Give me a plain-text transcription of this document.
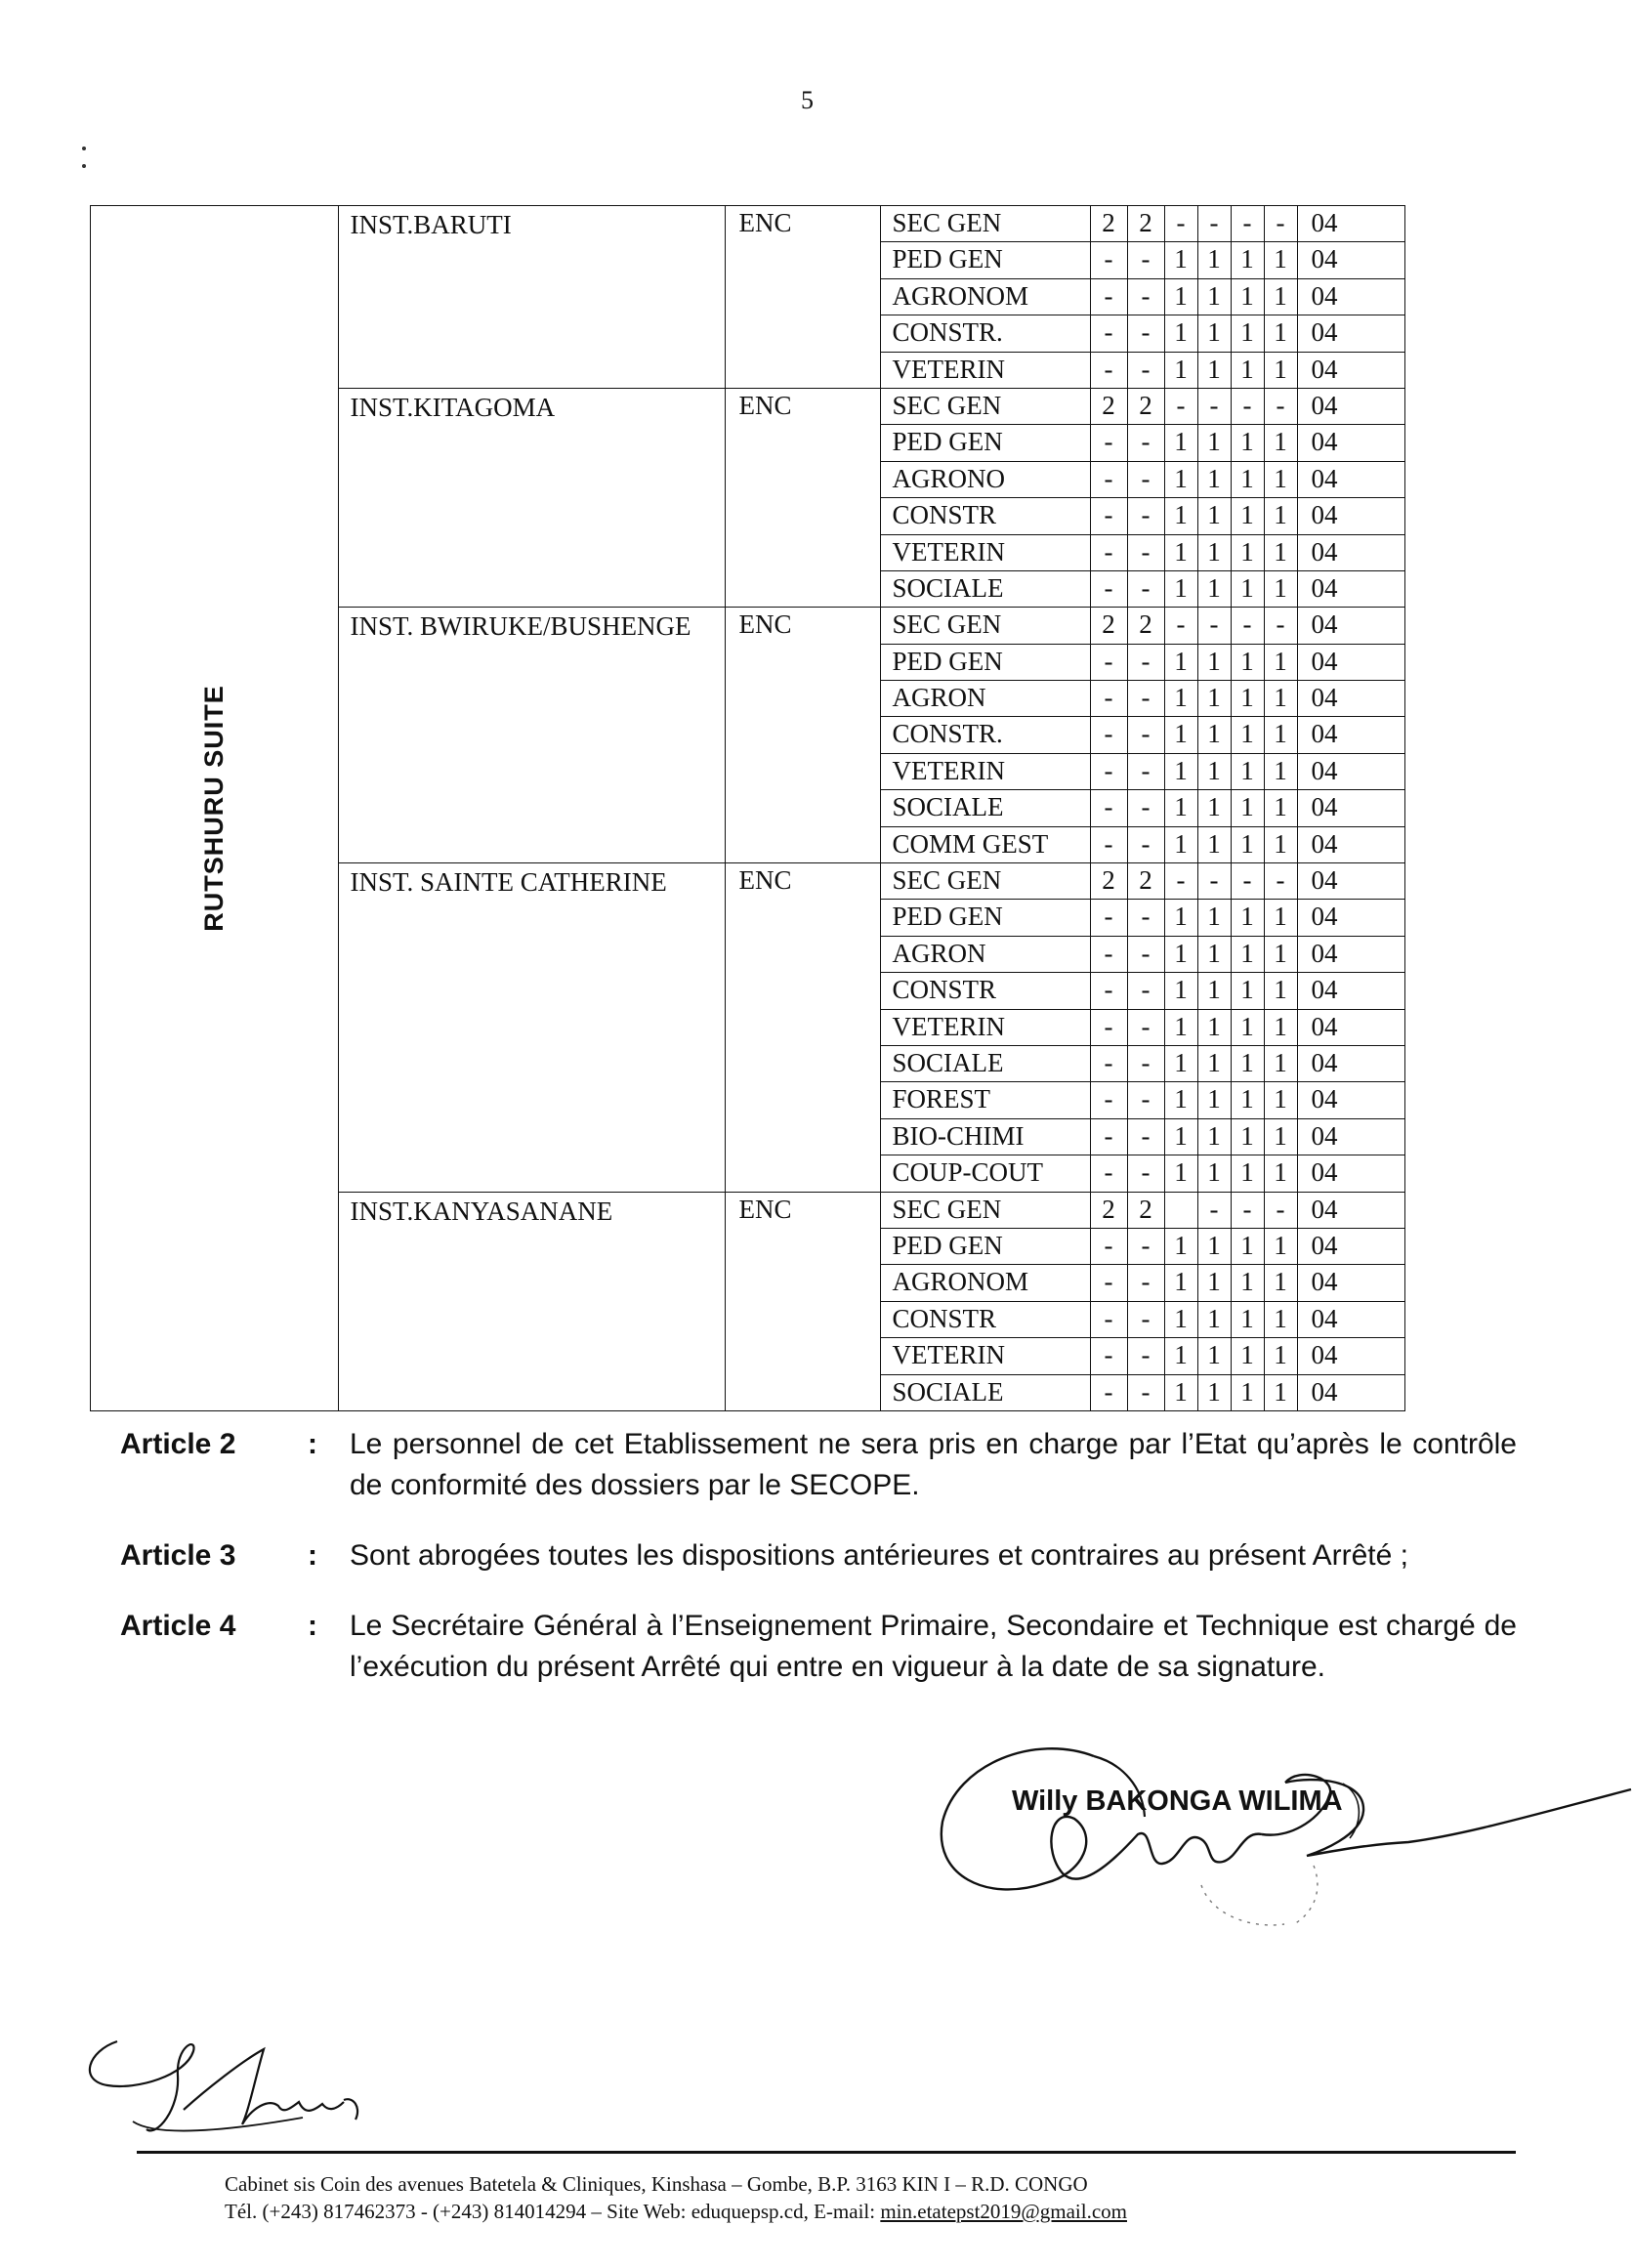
5
RUTSHURU SUITE	INST.BARUTI	ENC	SEC GEN	2	2	-	-	-	-	04
			PED GEN	-	-	1	1	1	1	04
			AGRONOM	-	-	1	1	1	1	04
			CONSTR.	-	-	1	1	1	1	04
			VETERIN	-	-	1	1	1	1	04
	INST.KITAGOMA	ENC	SEC GEN	2	2	-	-	-	-	04
			PED GEN	-	-	1	1	1	1	04
			AGRONO	-	-	1	1	1	1	04
			CONSTR	-	-	1	1	1	1	04
			VETERIN	-	-	1	1	1	1	04
			SOCIALE	-	-	1	1	1	1	04
	INST. BWIRUKE/BUSHENGE	ENC	SEC GEN	2	2	-	-	-	-	04
			PED GEN	-	-	1	1	1	1	04
			AGRON	-	-	1	1	1	1	04
			CONSTR.	-	-	1	1	1	1	04
			VETERIN	-	-	1	1	1	1	04
			SOCIALE	-	-	1	1	1	1	04
			COMM GEST	-	-	1	1	1	1	04
	INST. SAINTE CATHERINE	ENC	SEC GEN	2	2	-	-	-	-	04
			PED GEN	-	-	1	1	1	1	04
			AGRON	-	-	1	1	1	1	04
			CONSTR	-	-	1	1	1	1	04
			VETERIN	-	-	1	1	1	1	04
			SOCIALE	-	-	1	1	1	1	04
			FOREST	-	-	1	1	1	1	04
			BIO-CHIMI	-	-	1	1	1	1	04
			COUP-COUT	-	-	1	1	1	1	04
	INST.KANYASANANE	ENC	SEC GEN	2	2		-	-	-	04
			PED GEN	-	-	1	1	1	1	04
			AGRONOM	-	-	1	1	1	1	04
			CONSTR	-	-	1	1	1	1	04
			VETERIN	-	-	1	1	1	1	04
			SOCIALE	-	-	1	1	1	1	04
Article 2 : Le personnel de cet Etablissement ne sera pris en charge par l’Etat qu’après le contrôle de conformité des dossiers par le SECOPE.
Article 3 : Sont abrogées toutes les dispositions antérieures et contraires au présent Arrêté ;
Article 4 : Le Secrétaire Général à l’Enseignement Primaire, Secondaire et Technique est chargé de l’exécution du présent Arrêté qui entre en vigueur à la date de sa signature.
Willy BAKONGA WILIMA
Cabinet sis Coin des avenues Batetela & Cliniques, Kinshasa – Gombe, B.P. 3163 KIN I – R.D. CONGO
Tél. (+243) 817462373 - (+243) 814014294 – Site Web: eduquepsp.cd, E-mail: min.etatepst2019@gmail.com
